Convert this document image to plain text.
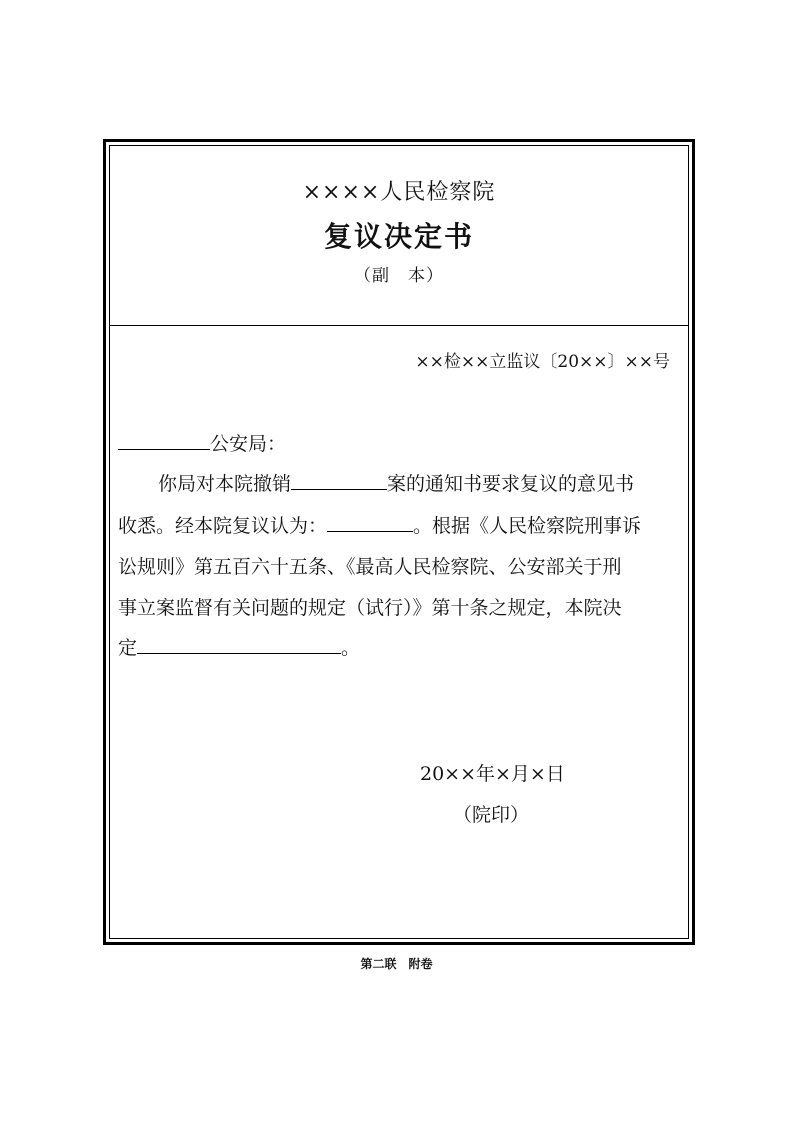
××××人民检察院
复议决定书
（副　本）
××检××立监议〔20××〕××号
公安局：
你局对本院撤销	案的通知书要求复议的意见书
收悉。经本院复议认为：	。根据《人民检察院刑事诉
讼规则》第五百六十五条、《最高人民检察院、公安部关于刑
事立案监督有关问题的规定（试行）》第十条之规定，本院决
定	。
20××年×月×日
（院印）
第二联　附卷
